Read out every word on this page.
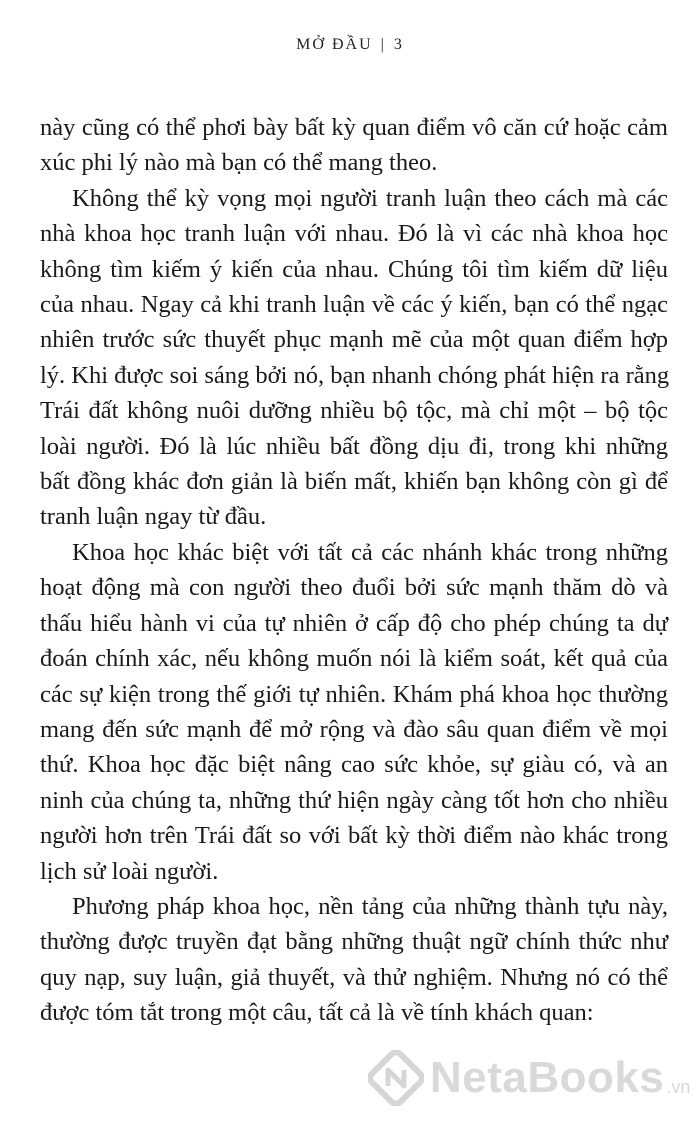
MỞ ĐẦU | 3

này cũng có thể phơi bày bất kỳ quan điểm vô căn cứ hoặc cảm
xúc phi lý nào mà bạn có thể mang theo.

Không thể kỳ vọng mọi người tranh luận theo cách mà các
nhà khoa học tranh luận với nhau. Đó là vì các nhà khoa học
không tìm kiếm ý kiến của nhau. Chúng tôi tìm kiếm dữ liệu
của nhau. Ngay cả khi tranh luận về các ý kiến, bạn có thể ngạc
nhiên trước sức thuyết phục mạnh mẽ của một quan điểm hợp
lý. Khi được soi sáng bởi nó, bạn nhanh chóng phát hiện ra rằng
Trái đất không nuôi dưỡng nhiều bộ tộc, mà chỉ một – bộ tộc
loài người. Đó là lúc nhiều bất đồng dịu đi, trong khi những
bất đồng khác đơn giản là biến mất, khiến bạn không còn gì để
tranh luận ngay từ đầu.

Khoa học khác biệt với tất cả các nhánh khác trong những
hoạt động mà con người theo đuổi bởi sức mạnh thăm dò và
thấu hiểu hành vi của tự nhiên ở cấp độ cho phép chúng ta dự
đoán chính xác, nếu không muốn nói là kiểm soát, kết quả của
các sự kiện trong thế giới tự nhiên. Khám phá khoa học thường
mang đến sức mạnh để mở rộng và đào sâu quan điểm về mọi
thứ. Khoa học đặc biệt nâng cao sức khỏe, sự giàu có, và an
ninh của chúng ta, những thứ hiện ngày càng tốt hơn cho nhiều
người hơn trên Trái đất so với bất kỳ thời điểm nào khác trong
lịch sử loài người.

Phương pháp khoa học, nền tảng của những thành tựu này,
thường được truyền đạt bằng những thuật ngữ chính thức như
quy nạp, suy luận, giả thuyết, và thử nghiệm. Nhưng nó có thể
được tóm tắt trong một câu, tất cả là về tính khách quan:

NetaBooks .vn
